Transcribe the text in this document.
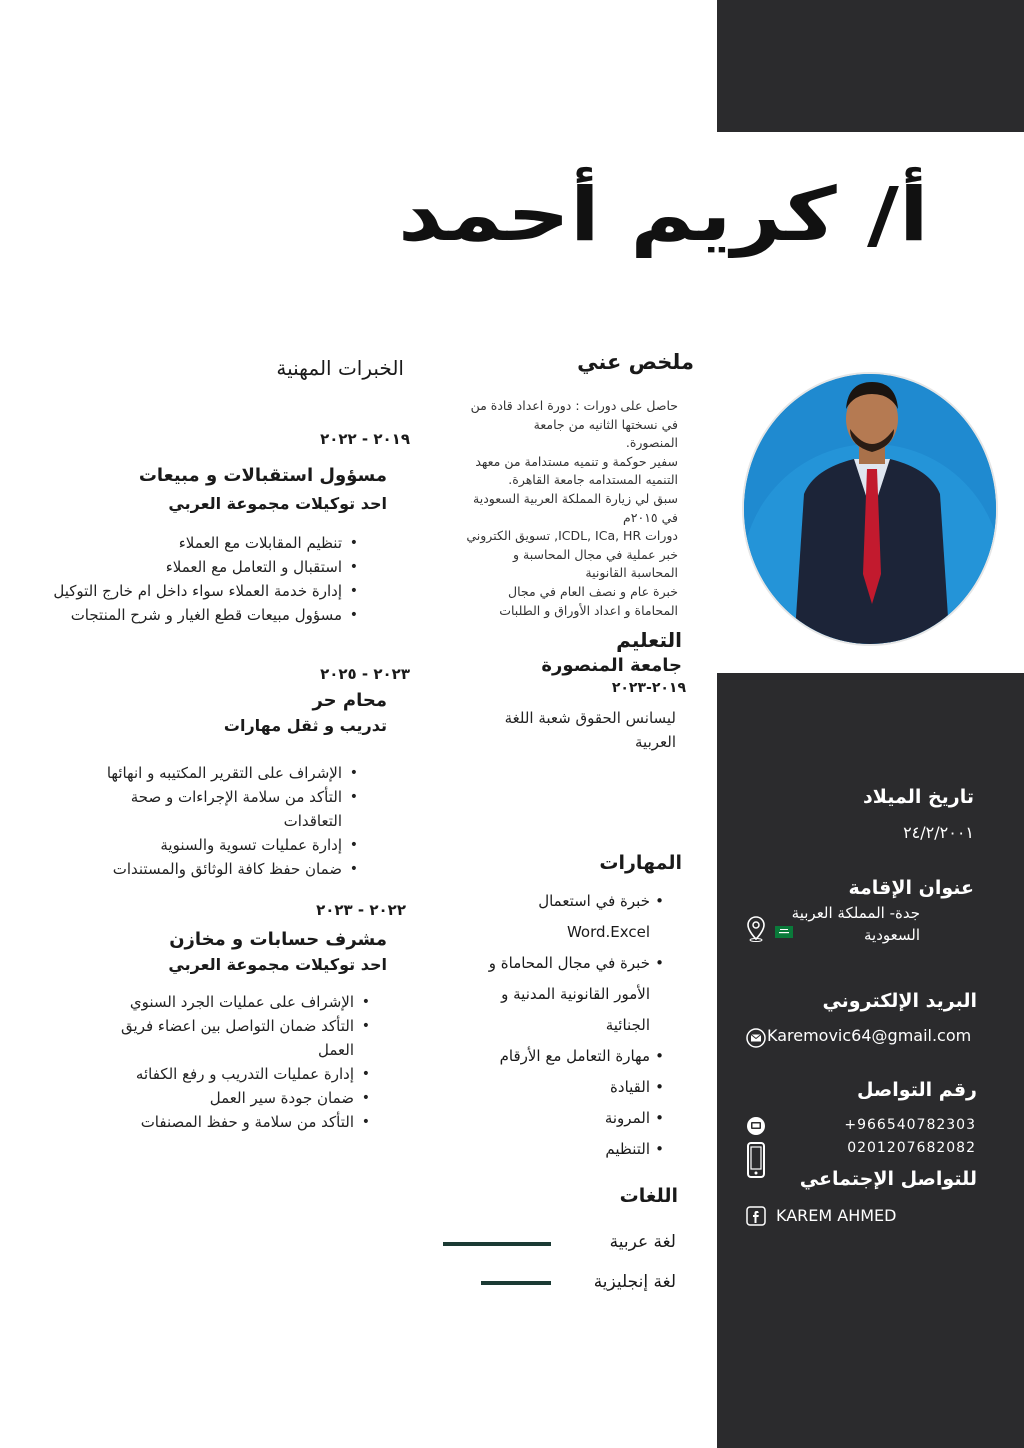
أ/ كريم أحمد
ملخص عني
حاصل على دورات : دورة اعداد قادة من
في نسختها الثانيه من جامعة
المنصورة.
سفير حوكمة و تنميه مستدامة من معهد
التنميه المستدامه جامعة القاهرة.
سبق لي زيارة المملكة العربية السعودية
في ٢٠١٥م
دورات ICDL, ICa, HR, تسويق الكتروني
خبر عملية في مجال المحاسبة و
المحاسبة القانونية
خبرة عام و نصف العام في مجال
المحاماة و اعداد الأوراق و الطلبات
التعليم
جامعة المنصورة
٢٠١٩-٢٠٢٣
ليسانس الحقوق شعبة اللغة
العربية
المهارات
•
خبرة في استعمال
Word.Excel
•
خبرة في مجال المحاماة و
الأمور القانونية المدنية و
الجنائية
•
مهارة التعامل مع الأرقام
•
القيادة
•
المرونة
•
التنظيم
اللغات
لغة عربية
لغة إنجليزية
الخبرات المهنية
٢٠١٩ - ٢٠٢٢
مسؤول استقبالات و مبيعات
احد توكيلات مجموعة العربي
• تنظيم المقابلات مع العملاء
• استقبال و التعامل مع العملاء
• إدارة خدمة العملاء سواء داخل ام خارج التوكيل
• مسؤول مبيعات قطع الغيار و شرح المنتجات
٢٠٢٣ - ٢٠٢٥
محام حر
تدريب و ثقل مهارات
• الإشراف على التقرير المكتيبه و انهائها
• التأكد من سلامة الإجراءات و صحة التعاقدات
• إدارة عمليات تسوية والسنوية
• ضمان حفظ كافة الوثائق والمستندات
٢٠٢٢ - ٢٠٢٣
مشرف حسابات و مخازن
احد توكيلات مجموعة العربي
• الإشراف على عمليات الجرد السنوي
• التأكد ضمان التواصل بين اعضاء فريق العمل
• إدارة عمليات التدريب و رفع الكفائه
• ضمان جودة سير العمل
• التأكد من سلامة و حفظ المصنفات
تاريخ الميلاد
٢٤/٢/٢٠٠١
عنوان الإقامة
جدة- المملكة العربية
السعودية
البريد الإلكتروني
Karemovic64@gmail.com
رقم التواصل
+966540782303
0201207682082
للتواصل الإجتماعي
KAREM AHMED
